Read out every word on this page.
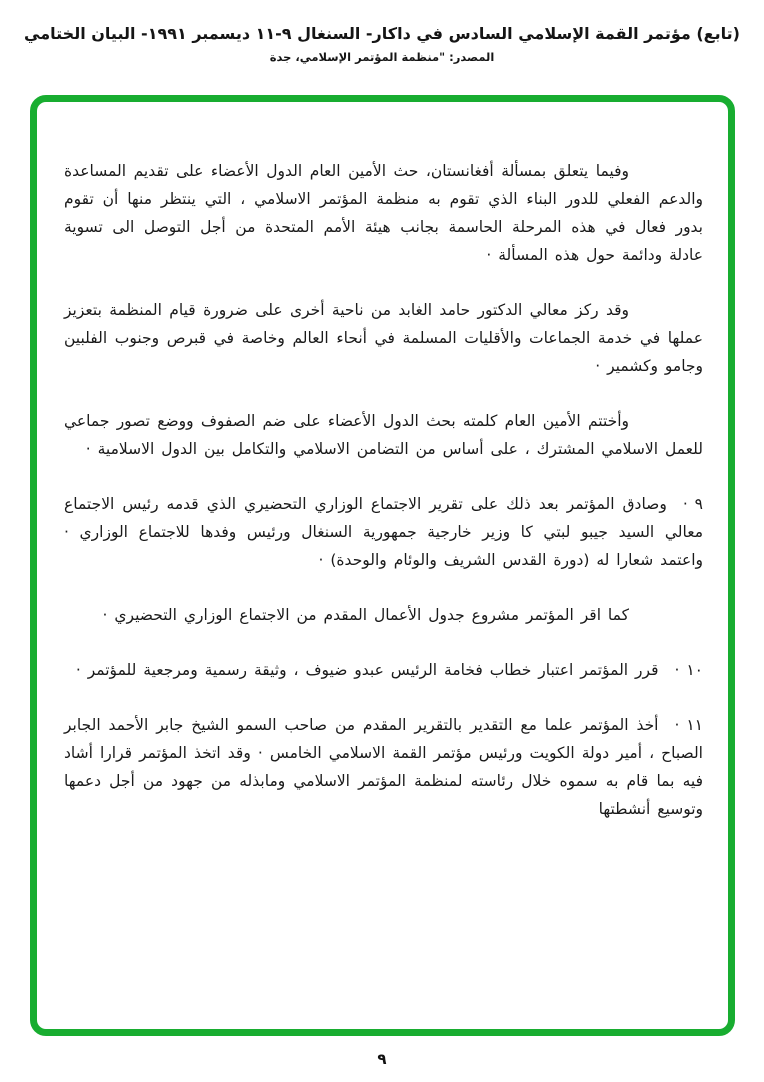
(تابع) مؤتمر القمة الإسلامي السادس في داكار- السنغال ٩-١١ ديسمبر ١٩٩١- البيان الختامي
المصدر: "منظمة المؤتمر الإسلامي، جدة

وفيما يتعلق بمسألة أفغانستان، حث الأمين العام الدول الأعضاء على تقديم المساعدة والدعم الفعلي للدور البناء الذي تقوم به منظمة المؤتمر الاسلامي ، التي ينتظر منها أن تقوم بدور فعال في هذه المرحلة الحاسمة بجانب هيئة الأمم المتحدة من أجل التوصل الى تسوية عادلة ودائمة حول هذه المسألة ·

وقد ركز معالي الدكتور حامد الغابد من ناحية أخرى على ضرورة قيام المنظمة بتعزيز عملها في خدمة الجماعات والأقليات المسلمة في أنحاء العالم وخاصة في قبرص وجنوب الفلبين وجامو وكشمير ·

وأختتم الأمين العام كلمته بحث الدول الأعضاء على ضم الصفوف ووضع تصور جماعي للعمل الاسلامي المشترك ، على أساس من التضامن الاسلامي والتكامل بين الدول الاسلامية ·

٩ ·وصادق المؤتمر بعد ذلك على تقرير الاجتماع الوزاري التحضيري الذي قدمه رئيس الاجتماع معالي السيد جيبو لبتي كا وزير خارجية جمهورية السنغال ورئيس وفدها للاجتماع الوزاري · واعتمد شعارا له (دورة القدس الشريف والوئام والوحدة) ·

كما اقر المؤتمر مشروع جدول الأعمال المقدم من الاجتماع الوزاري التحضيري ·

١٠ ·قرر المؤتمر اعتبار خطاب فخامة الرئيس عبدو ضيوف ، وثيقة رسمية ومرجعية للمؤتمر ·

١١ ·أخذ المؤتمر علما مع التقدير بالتقرير المقدم من صاحب السمو الشيخ جابر الأحمد الجابر الصباح ، أمير دولة الكويت ورئيس مؤتمر القمة الاسلامي الخامس · وقد اتخذ المؤتمر قرارا أشاد فيه بما قام به سموه خلال رئاسته لمنظمة المؤتمر الاسلامي ومابذله من جهود من أجل دعمها وتوسيع أنشطتها

٩
